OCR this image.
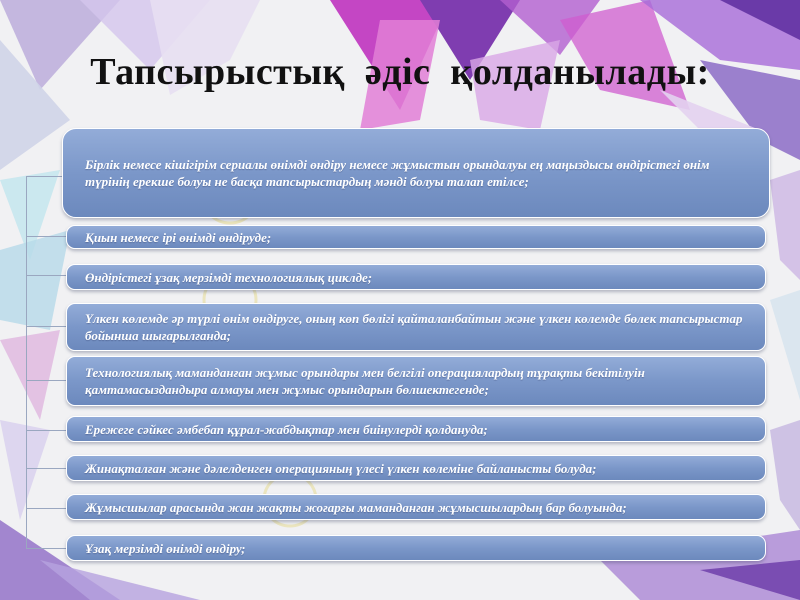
Тапсырыстық әдіс қолданылады:
Бірлік немесе кішігірім сериалы өнімді өндіру немесе жұмыстын орындалуы ең маңыздысы өндірістегі өнім түрінің ерекше болуы не басқа тапсырыстардың мәнді болуы талап етілсе;
Қиын немесе ірі өнімді өндіруде;
Өндірістегі ұзақ мерзімді технологиялық циклде;
Үлкен көлемде әр түрлі өнім өндіруге, оның көп бөлігі қайталанбайтын және үлкен көлемде бөлек тапсырыстар бойынша шығарылғанда;
Технологиялық маманданған жұмыс орындары мен белгілі операциялардың тұрақты бекітілуін қамтамасыздандыра алмауы мен жұмыс орындарын бөлшектегенде;
Ережеге сәйкес әмбебап құрал-жабдықтар мен биінулерді қолдануда;
Жинақталған және дәлелденген операцияның үлесі үлкен көлеміне байланысты болуда;
Жұмысшылар арасында жан жақты жоғарғы маманданған жұмысшылардың бар болуында;
Ұзақ мерзімді өнімді өндіру;
